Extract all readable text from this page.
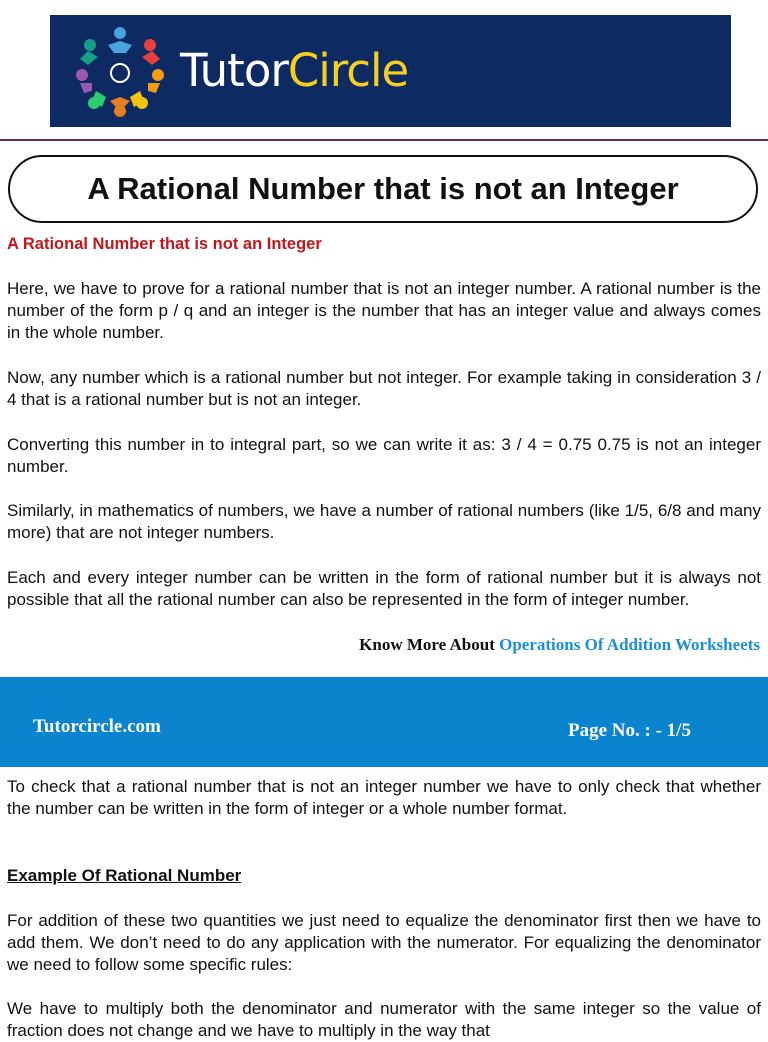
TutorCircle
A Rational Number that is not an Integer

A Rational Number that is not an Integer

Here, we have to prove for a rational number that is not an integer number. A rational number is the number of the form p / q and an integer is the number that has an integer value and always comes in the whole number.

Now, any number which is a rational number but not integer. For example taking in consideration 3 / 4 that is a rational number but is not an integer.

Converting this number in to integral part, so we can write it as: 3 / 4 = 0.75 0.75 is not an integer number.

Similarly, in mathematics of numbers, we have a number of rational numbers (like 1/5, 6/8 and many more) that are not integer numbers.

Each and every integer number can be written in the form of rational number but it is always not possible that all the rational number can also be represented in the form of integer number.

Know More About Operations Of Addition Worksheets

Tutorcircle.com	Page No. : - 1/5

To check that a rational number that is not an integer number we have to only check that whether the number can be written in the form of integer or a whole number format.

Example Of Rational Number

For addition of these two quantities we just need to equalize the denominator first then we have to add them. We don’t need to do any application with the numerator. For equalizing the denominator we need to follow some specific rules:

We have to multiply both the denominator and numerator with the same integer so the value of fraction does not change and we have to multiply in the way that
